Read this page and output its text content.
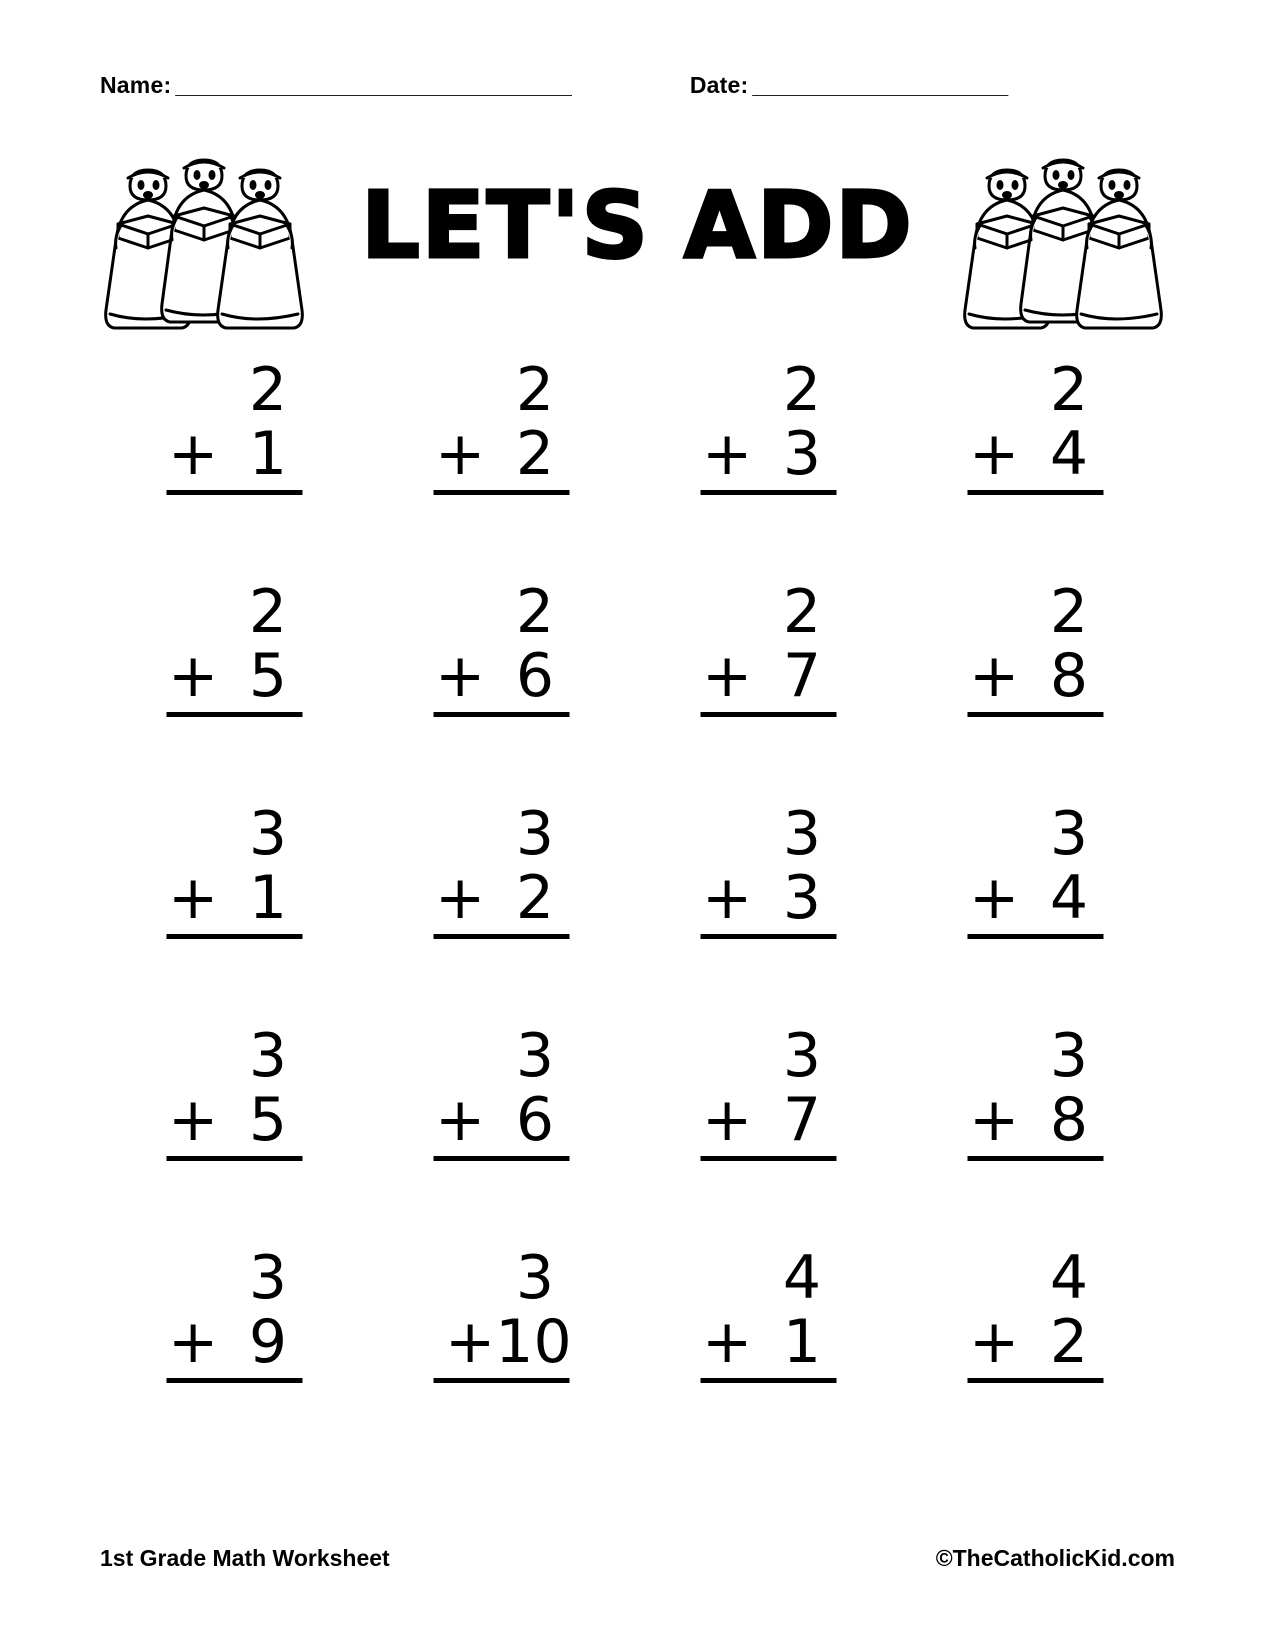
Name: _______________________________	Date: ____________________
LET'S ADD
2
+ 1
2
+ 2
2
+ 3
2
+ 4
2
+ 5
2
+ 6
2
+ 7
2
+ 8
3
+ 1
3
+ 2
3
+ 3
3
+ 4
3
+ 5
3
+ 6
3
+ 7
3
+ 8
3
+ 9
3
+ 10
4
+ 1
4
+ 2
1st Grade Math Worksheet	©TheCatholicKid.com
